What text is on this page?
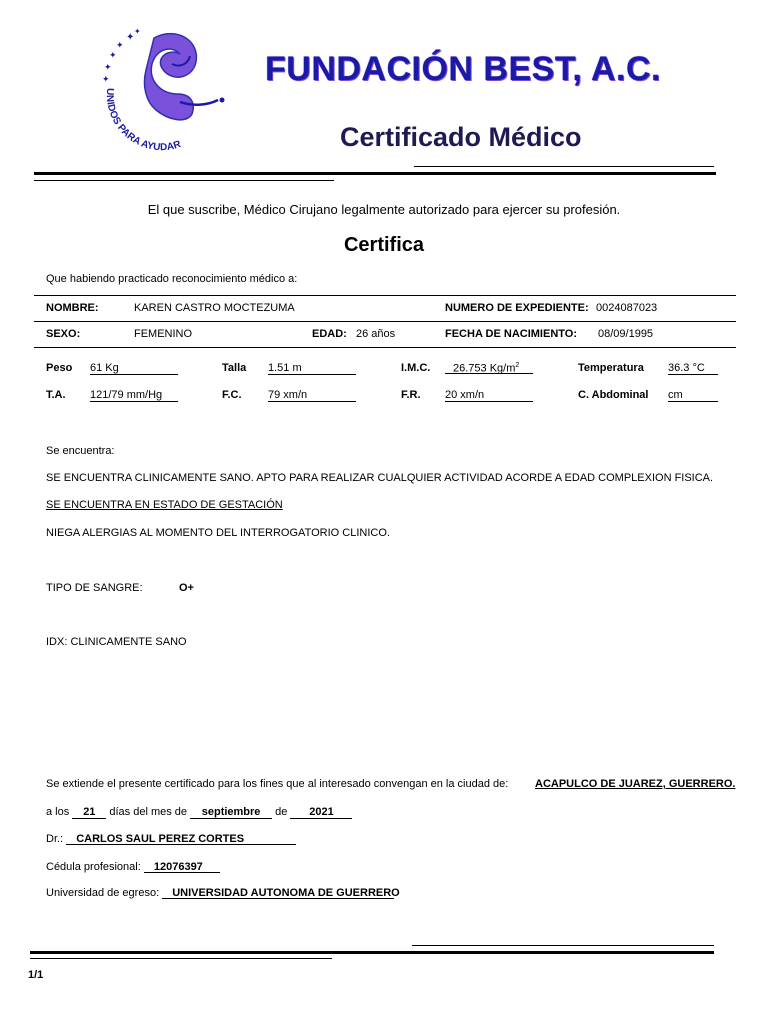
✦
✦
✦
✦
✦
✦
UNIDOS PARA AYUDAR
FUNDACIÓN BEST, A.C.
Certificado Médico
El que suscribe, Médico Cirujano legalmente autorizado para ejercer su profesión.
Certifica
Que habiendo practicado reconocimiento médico a:
NOMBRE:	KAREN CASTRO MOCTEZUMA	NUMERO DE EXPEDIENTE: 0024087023
SEXO:	FEMENINO	EDAD: 26 años	FECHA DE NACIMIENTO: 08/09/1995
Peso 61 Kg	Talla 1.51 m	I.M.C.	26.753 $Kg/m^2$	Temperatura 36.3 °C
T.A. 121/79 mm/Hg	F.C. 79 xm/n	F.R. 20 xm/n	C. Abdominal cm
Se encuentra:
SE ENCUENTRA CLINICAMENTE SANO. APTO PARA REALIZAR CUALQUIER ACTIVIDAD ACORDE A EDAD COMPLEXION FISICA.
SE ENCUENTRA EN ESTADO DE GESTACIÓN
NIEGA ALERGIAS AL MOMENTO DEL INTERROGATORIO CLINICO.
TIPO DE SANGRE:	O+
IDX: CLINICAMENTE SANO
Se extiende el presente certificado para los fines que al interesado convengan en la ciudad de: ACAPULCO DE JUAREZ, GUERRERO.
a los 21 días del mes de septiembre de 2021
Dr.: CARLOS SAUL PEREZ CORTES
Cédula profesional: 12076397
Universidad de egreso: UNIVERSIDAD AUTONOMA DE GUERRERO
1/1
